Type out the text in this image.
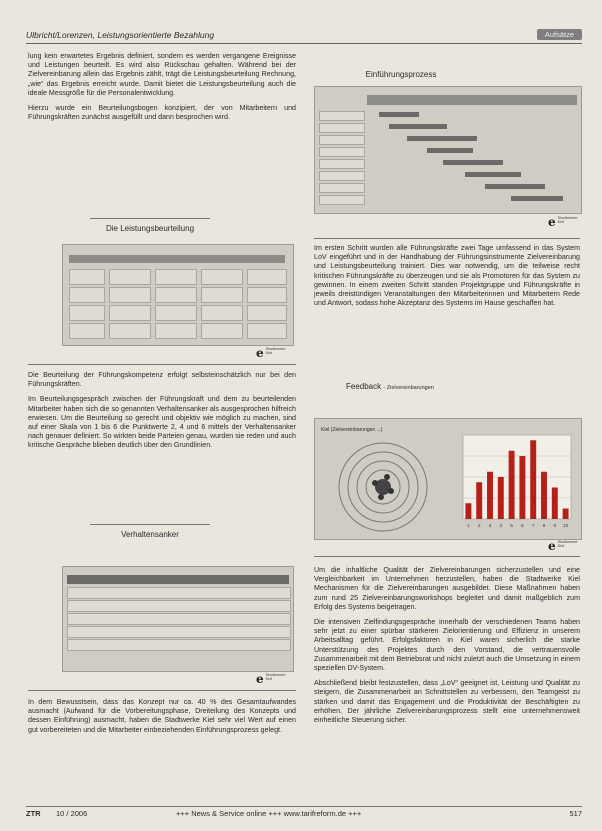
Ulbricht/Lorenzen, Leistungsorientierte Bezahlung	Aufsätze

lung kein erwartetes Ergebnis definiert, sondern es werden vergangene Ereignisse und Leistungen beurteilt. Es wird also Rückschau gehalten. Während bei der Zielvereinbarung allein das Ergebnis zählt, trägt die Leistungsbeurteilung Rechnung, „wie“ das Ergebnis erreicht wurde. Damit bietet die Leistungsbeurteilung auch die ideale Messgröße für die Personalentwicklung.

Hierzu wurde ein Beurteilungsbogen konzipiert, der von Mitarbeitern und Führungskräften zunächst ausgefüllt und dann besprochen wird.

Die Leistungsbeurteilung
e Stadtwerke
Kiel

Die Beurteilung der Führungskompetenz erfolgt selbsteinschätzlich nur bei den Führungskräften.

Im Beurteilungsgespräch zwischen der Führungskraft und dem zu beurteilenden Mitarbeiter haben sich die so genannten Verhaltensanker als ausgesprochen hilfreich erwiesen. Um die Beurteilung so gerecht und objektiv wie möglich zu machen, sind auf einer Skala von 1 bis 6 die Punktwerte 2, 4 und 6 mittels der Verhaltensanker nach genauer definiert. So wirkten beide Parteien genau, wurden sie reden und auch kritische Gespräche blieben deutlich über den Grundlinien.

Verhaltensanker
e Stadtwerke
Kiel

In dem Bewusstsein, dass das Konzept nur ca. 40 % des Gesamtaufwandes ausmacht (Aufwand für die Vorbereitungsphase, Dreiteilung des Konzepts und dessen Einführung) ausmacht, haben die Stadtwerke Kiel sehr viel Wert auf einen gut vorbereiteten und die Mitarbeiter einbeziehenden Einführungsprozess gelegt.

Einführungsprozess
e Stadtwerke
Kiel

Im ersten Schritt wurden alle Führungskräfte zwei Tage umfassend in das System LoV eingeführt und in der Handhabung der Führungsinstrumente Zielvereinbarung und Leistungsbeurteilung trainiert. Dies war notwendig, um die teilweise recht kritischen Führungskräfte zu überzeugen und sie als Promotoren für das System zu gewinnen. In einem zweiten Schritt standen Projektgruppe und Führungskräfte in jeweils dreistündigen Veranstaltungen den Mitarbeiterinnen und Mitarbeitern Rede und Antwort, sodass hohe Akzeptanz des Systems im Hause geschaffen hat.

Feedback - Zielvereinbarungen
Kiel (Zielvereinbarungen ...)
1 2 3 4 5 6 7 8 9 10
e Stadtwerke
Kiel

Um die inhaltliche Qualität der Zielvereinbarungen sicherzustellen und eine Vergleichbarkeit im Unternehmen herzustellen, haben die Stadtwerke Kiel Mechanismen für die Zielvereinbarungen ausgebildet. Diese Maßnahmen haben zum rund 25 Zielvereinbarungsworkshops begleitet und damit maßgeblich zum Erfolg des Systems beigetragen.

Die intensiven Zielfindungsgespräche innerhalb der verschiedenen Teams haben sehr jetzt zu einer spürbar stärkeren Zielorientierung und Effizienz in unserem Arbeitsalltag geführt. Erfolgsfaktoren in Kiel waren sicherlich die starke Unterstützung des Projektes durch den Vorstand, die vertrauensvolle Zusammenarbeit mit dem Betriebsrat und nicht zuletzt auch die Umsetzung in einem speziellen DV-System.

Abschließend bleibt festzustellen, dass „LoV“ geeignet ist, Leistung und Qualität zu steigern, die Zusammenarbeit an Schnittstellen zu verbessern, den Teamgeist zu stärken und damit das Engagement und die Produktivität der Beschäftigten zu erhöhen. Der jährliche Zielvereinbarungsprozess stellt eine unternehmensweit einheitliche Steuerung sicher.

ZTR 10 / 2006	+++ News & Service online +++ www.tarifreform.de +++	517
